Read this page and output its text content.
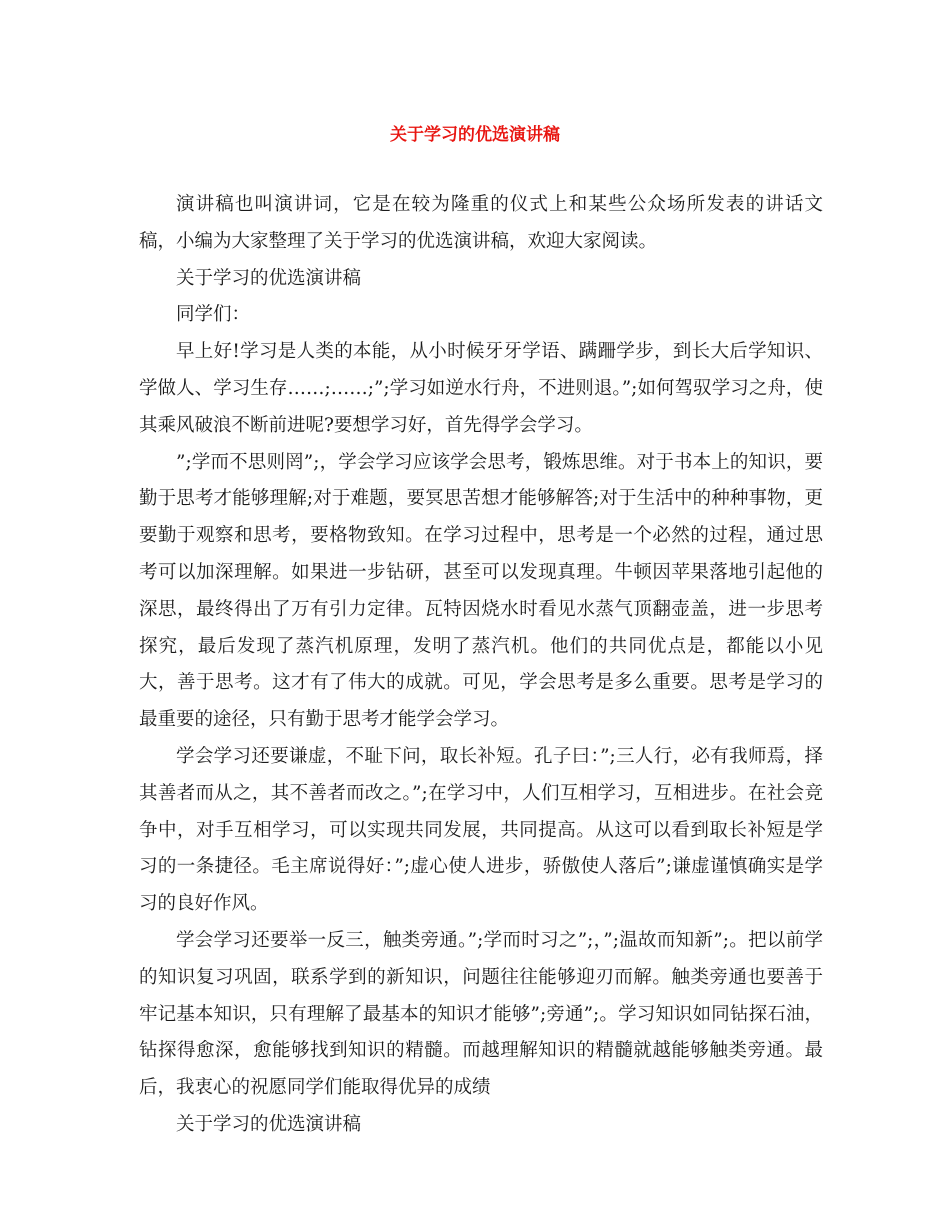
关于学习的优选演讲稿

演讲稿也叫演讲词，它是在较为隆重的仪式上和某些公众场所发表的讲话文稿，小编为大家整理了关于学习的优选演讲稿，欢迎大家阅读。

关于学习的优选演讲稿

同学们：

早上好!学习是人类的本能，从小时候牙牙学语、蹒跚学步，到长大后学知识、学做人、学习生存……;……;”;学习如逆水行舟，不进则退。”;如何驾驭学习之舟，使其乘风破浪不断前进呢?要想学习好，首先得学会学习。

”;学而不思则罔”;，学会学习应该学会思考，锻炼思维。对于书本上的知识，要勤于思考才能够理解;对于难题，要冥思苦想才能够解答;对于生活中的种种事物，更要勤于观察和思考，要格物致知。在学习过程中，思考是一个必然的过程，通过思考可以加深理解。如果进一步钻研，甚至可以发现真理。牛顿因苹果落地引起他的深思，最终得出了万有引力定律。瓦特因烧水时看见水蒸气顶翻壶盖，进一步思考探究，最后发现了蒸汽机原理，发明了蒸汽机。他们的共同优点是，都能以小见大，善于思考。这才有了伟大的成就。可见，学会思考是多么重要。思考是学习的最重要的途径，只有勤于思考才能学会学习。

学会学习还要谦虚，不耻下问，取长补短。孔子曰：”;三人行，必有我师焉，择其善者而从之，其不善者而改之。”;在学习中，人们互相学习，互相进步。在社会竞争中，对手互相学习，可以实现共同发展，共同提高。从这可以看到取长补短是学习的一条捷径。毛主席说得好：”;虚心使人进步，骄傲使人落后”;谦虚谨慎确实是学习的良好作风。

学会学习还要举一反三，触类旁通。”;学而时习之”;，”;温故而知新”;。把以前学的知识复习巩固，联系学到的新知识，问题往往能够迎刃而解。触类旁通也要善于牢记基本知识，只有理解了最基本的知识才能够”;旁通”;。学习知识如同钻探石油，钻探得愈深，愈能够找到知识的精髓。而越理解知识的精髓就越能够触类旁通。最后，我衷心的祝愿同学们能取得优异的成绩

关于学习的优选演讲稿
